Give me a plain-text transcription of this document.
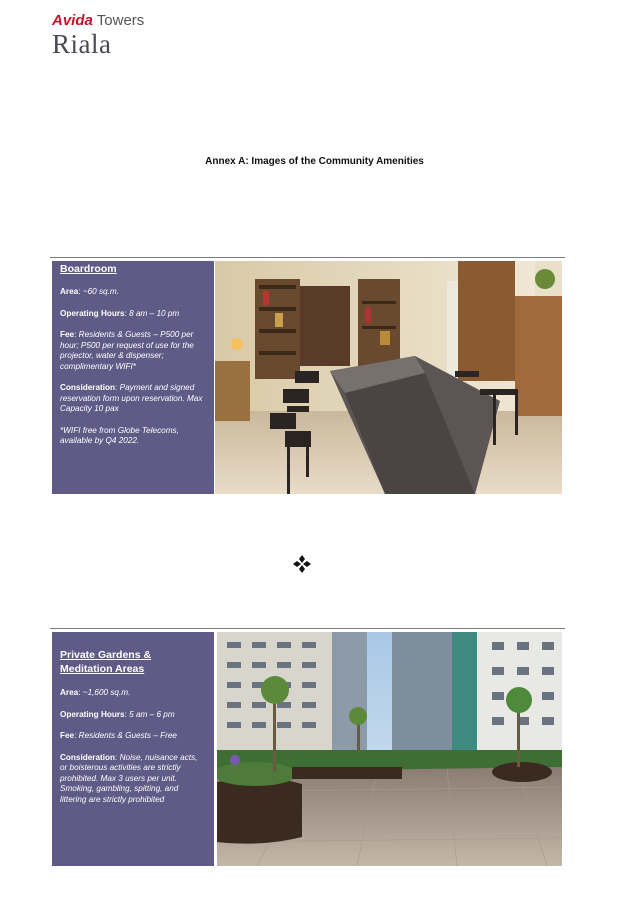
Avida Towers
Riala
Annex A: Images of the Community Amenities

Boardroom

Area: ~60 sq.m.

Operating Hours: 8 am – 10 pm

Fee: Residents & Guests – P500 per hour; P500 per request of use for the projector, water & dispenser; complimentary WIFI*

Consideration: Payment and signed reservation form upon reservation. Max Capacity 10 pax

*WIFI free from Globe Telecoms, available by Q4 2022.

Private Gardens & Meditation Areas

Area: ~1,600 sq.m.

Operating Hours: 5 am – 6 pm

Fee: Residents & Guests – Free

Consideration: Noise, nuisance acts, or boisterous activities are strictly prohibited. Max 3 users per unit.

Smoking, gambling, spitting, and littering are strictly prohibited
